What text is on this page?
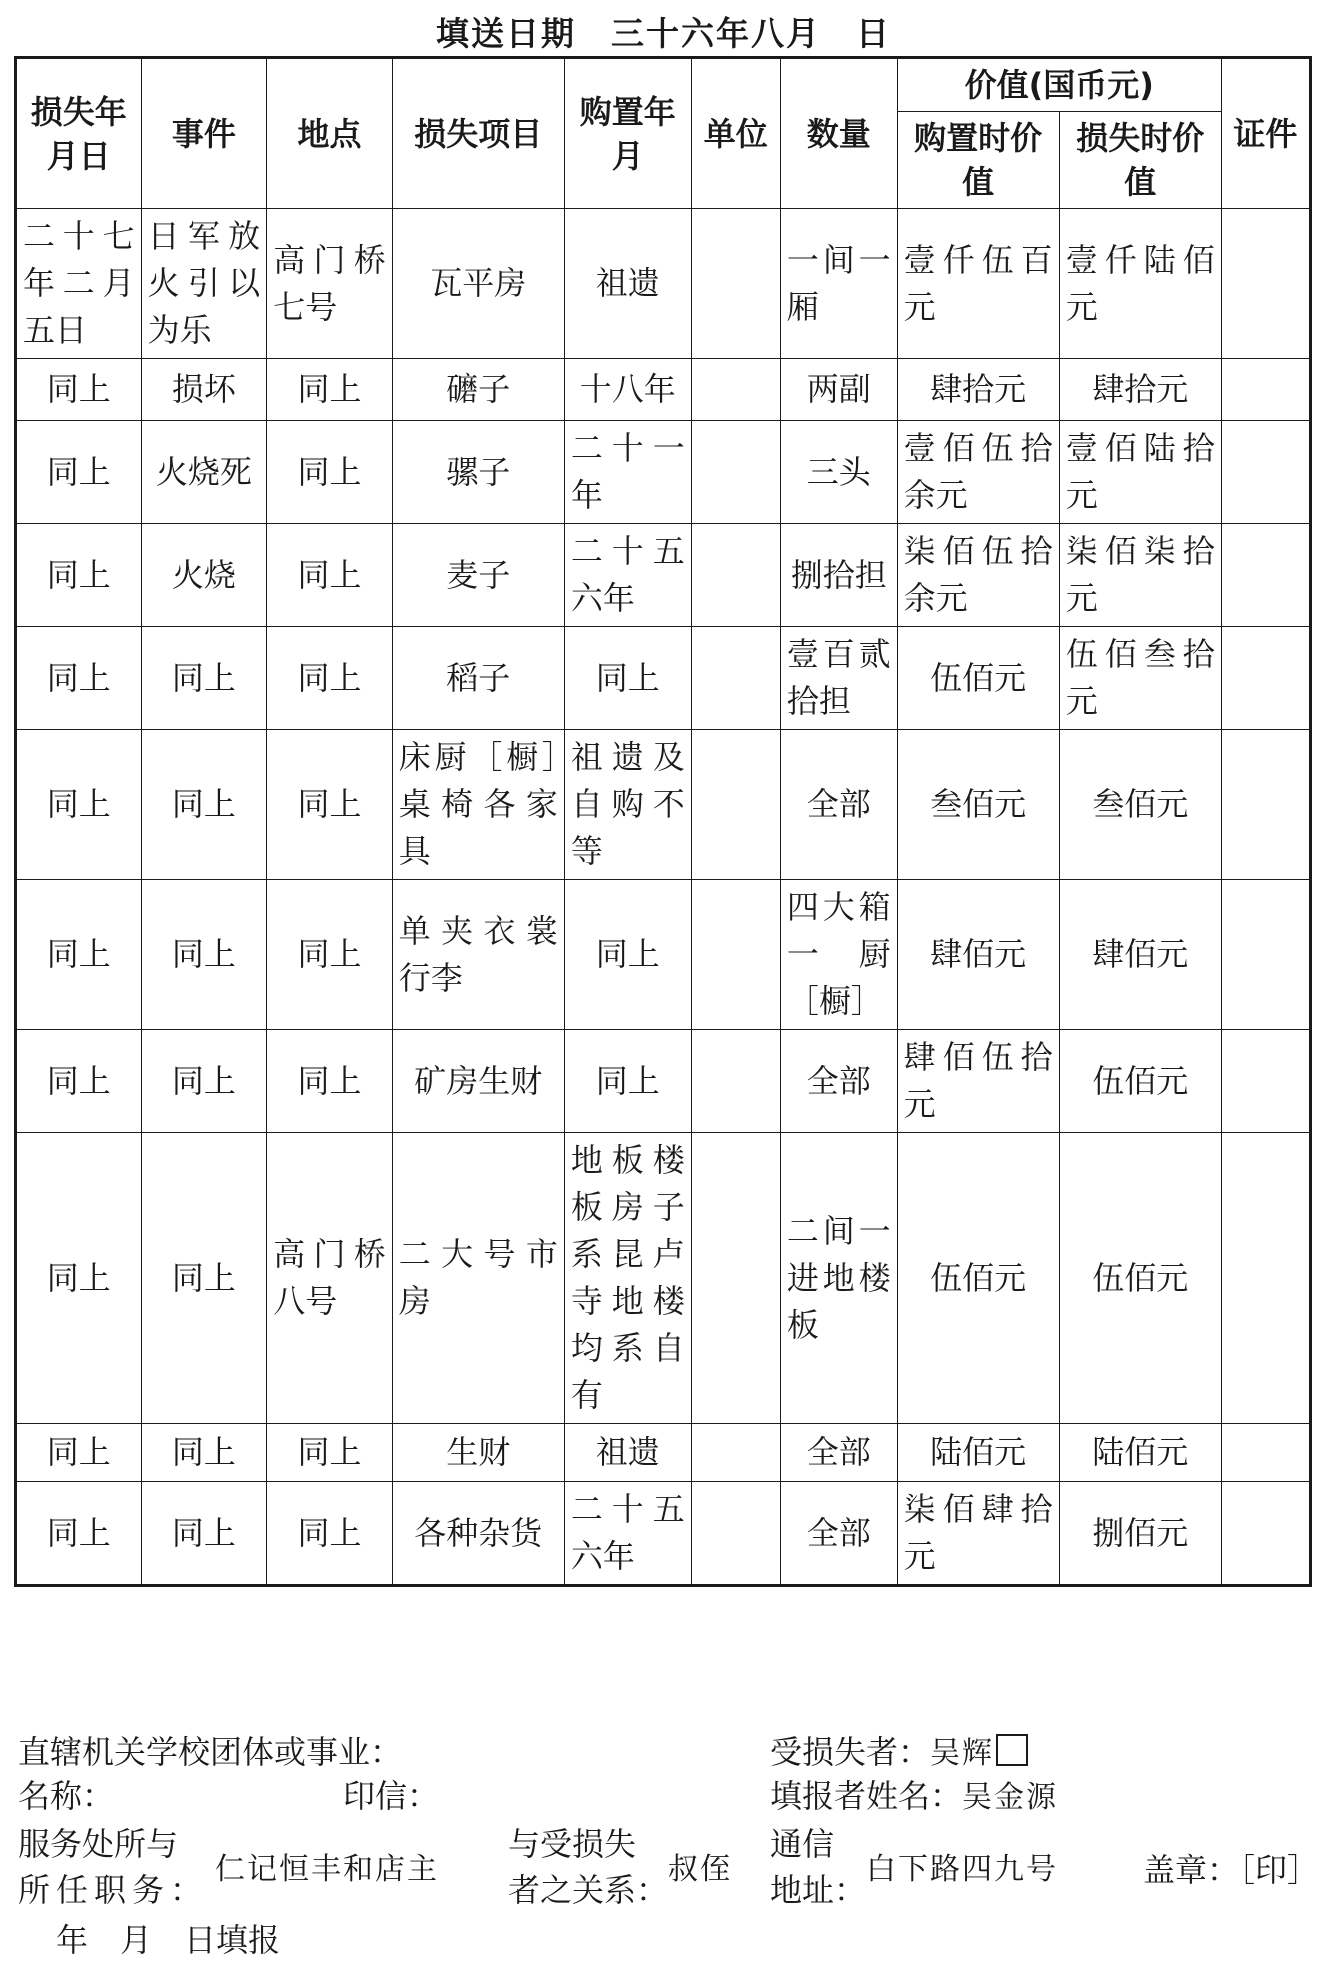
填送日期　三十六年八月　日
损失年月日	事件	地点	损失项目	购置年月	单位	数量	价值(国币元)		证件
							购置时价值	损失时价值	
二十七年二月五日	日军放火引以为乐	高门桥七号	瓦平房	祖遗		一间一厢	壹仟伍百元	壹仟陆佰元	
同上	损坏	同上	礳子	十八年		两副	肆拾元	肆拾元	
同上	火烧死	同上	骡子	二十一年		三头	壹佰伍拾余元	壹佰陆拾元	
同上	火烧	同上	麦子	二十五六年		捌拾担	柒佰伍拾余元	柒佰柒拾元	
同上	同上	同上	稻子	同上		壹百贰拾担	伍佰元	伍佰叁拾元	
同上	同上	同上	床厨［橱］桌椅各家具	祖遗及自购不等		全部	叁佰元	叁佰元	
同上	同上	同上	单夹衣裳行李	同上		四大箱一厨［橱］	肆佰元	肆佰元	
同上	同上	同上	矿房生财	同上		全部	肆佰伍拾元	伍佰元	
同上	同上	高门桥八号	二大号市房	地板楼板房子系昆卢寺地楼均系自有		二间一进地楼板	伍佰元	伍佰元	
同上	同上	同上	生财	祖遗		全部	陆佰元	陆佰元	
同上	同上	同上	各种杂货	二十五六年		全部	柒佰肆拾元	捌佰元	
直辖机关学校团体或事业：	受损失者：吴辉
名称：	印信：	填报者姓名：吴金源
服务处所与
所任职务：
仁记恒丰和店主
与受损失
者之关系：
叔侄
通信
地址：
白下路四九号	盖章：［印］
年　月　日填报
